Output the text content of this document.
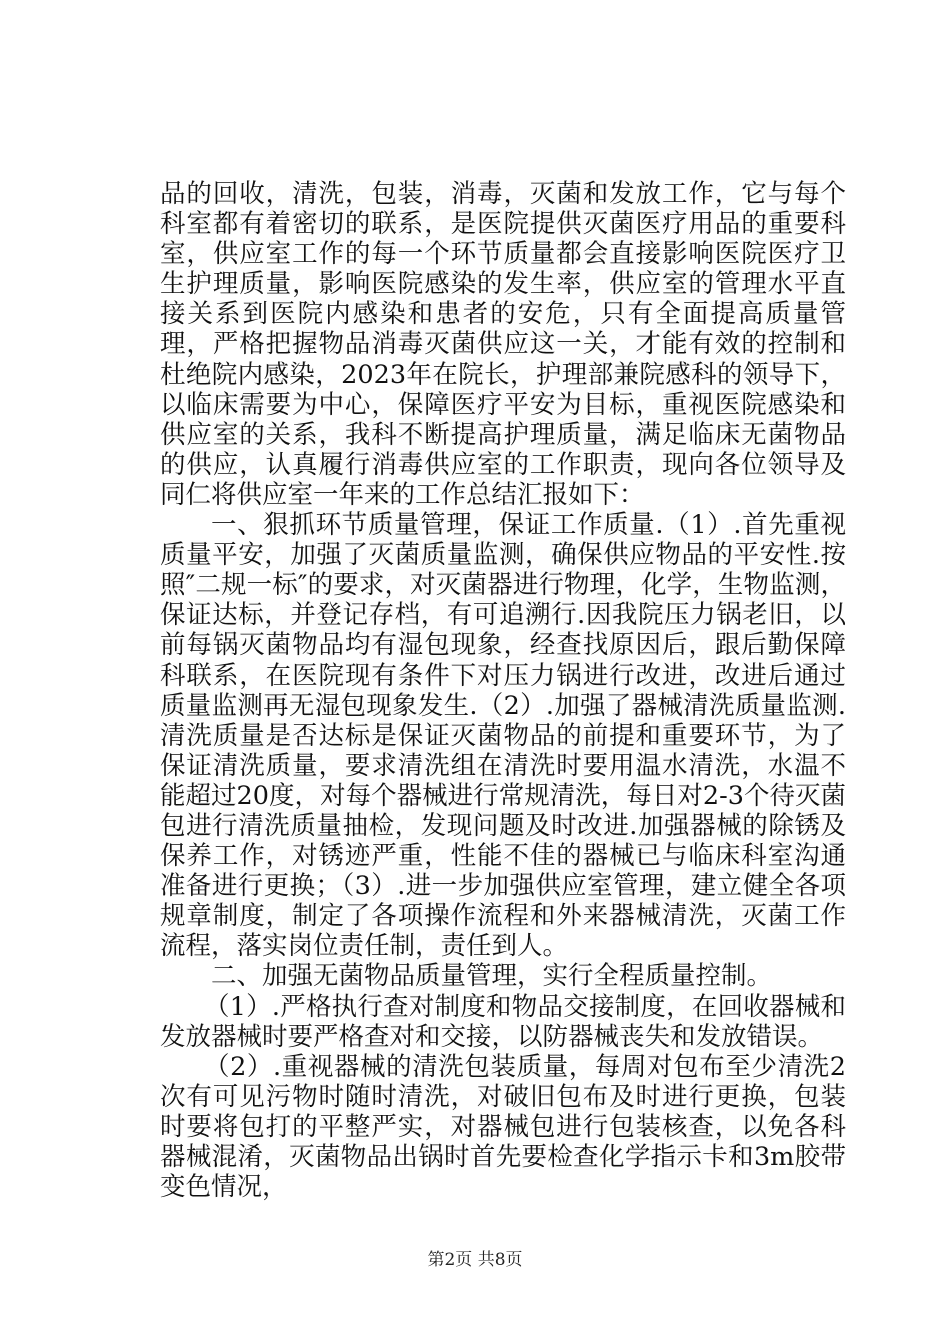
品的回收，清洗，包装，消毒，灭菌和发放工作，它与每个科室都有着密切的联系，是医院提供灭菌医疗用品的重要科室，供应室工作的每一个环节质量都会直接影响医院医疗卫生护理质量，影响医院感染的发生率，供应室的管理水平直接关系到医院内感染和患者的安危，只有全面提高质量管理，严格把握物品消毒灭菌供应这一关，才能有效的控制和杜绝院内感染，2023年在院长，护理部兼院感科的领导下，以临床需要为中心，保障医疗平安为目标，重视医院感染和供应室的关系，我科不断提高护理质量，满足临床无菌物品的供应，认真履行消毒供应室的工作职责，现向各位领导及同仁将供应室一年来的工作总结汇报如下：

一、狠抓环节质量管理，保证工作质量.（1）.首先重视质量平安，加强了灭菌质量监测，确保供应物品的平安性.按照″二规一标″的要求，对灭菌器进行物理，化学，生物监测，保证达标，并登记存档，有可追溯行.因我院压力锅老旧，以前每锅灭菌物品均有湿包现象，经查找原因后，跟后勤保障科联系，在医院现有条件下对压力锅进行改进，改进后通过质量监测再无湿包现象发生.（2）.加强了器械清洗质量监测.清洗质量是否达标是保证灭菌物品的前提和重要环节，为了保证清洗质量，要求清洗组在清洗时要用温水清洗，水温不能超过20度，对每个器械进行常规清洗，每日对2-3个待灭菌包进行清洗质量抽检，发现问题及时改进.加强器械的除锈及保养工作，对锈迹严重，性能不佳的器械已与临床科室沟通准备进行更换；（3）.进一步加强供应室管理，建立健全各项规章制度，制定了各项操作流程和外来器械清洗，灭菌工作流程，落实岗位责任制，责任到人。

二、加强无菌物品质量管理，实行全程质量控制。

（1）.严格执行查对制度和物品交接制度，在回收器械和发放器械时要严格查对和交接，以防器械丧失和发放错误。

（2）.重视器械的清洗包装质量，每周对包布至少清洗2次有可见污物时随时清洗，对破旧包布及时进行更换，包装时要将包打的平整严实，对器械包进行包装核查，以免各科器械混淆，灭菌物品出锅时首先要检查化学指示卡和3m胶带变色情况，

第2页 共8页
